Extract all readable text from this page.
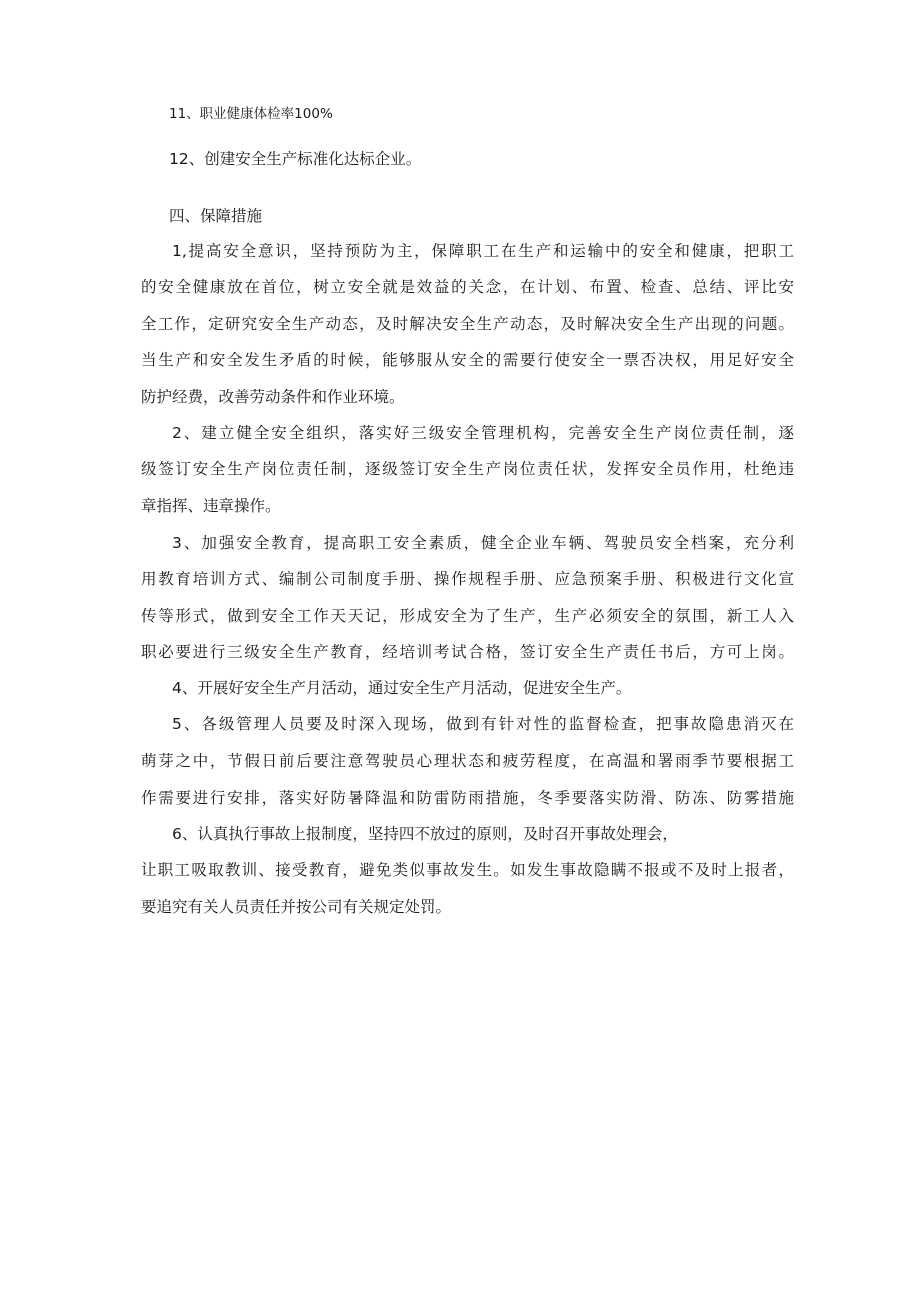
11、职业健康体检率100%
12、创建安全生产标准化达标企业。
四、保障措施
1,提高安全意识，坚持预防为主，保障职工在生产和运输中的安全和健康，把职工
的安全健康放在首位，树立安全就是效益的关念，在计划、布置、检查、总结、评比安
全工作，定研究安全生产动态，及时解决安全生产动态，及时解决安全生产出现的问题。
当生产和安全发生矛盾的时候，能够服从安全的需要行使安全一票否决权，用足好安全
防护经费，改善劳动条件和作业环境。
2、建立健全安全组织，落实好三级安全管理机构，完善安全生产岗位责任制，逐
级签订安全生产岗位责任制，逐级签订安全生产岗位责任状，发挥安全员作用，杜绝违
章指挥、违章操作。
3、加强安全教育，提高职工安全素质，健全企业车辆、驾驶员安全档案，充分利
用教育培训方式、编制公司制度手册、操作规程手册、应急预案手册、积极进行文化宣
传等形式，做到安全工作天天记，形成安全为了生产，生产必须安全的氛围，新工人入
职必要进行三级安全生产教育，经培训考试合格，签订安全生产责任书后，方可上岗。
4、开展好安全生产月活动，通过安全生产月活动，促进安全生产。
5、各级管理人员要及时深入现场，做到有针对性的监督检查，把事故隐患消灭在
萌芽之中，节假日前后要注意驾驶员心理状态和疲劳程度，在高温和署雨季节要根据工
作需要进行安排，落实好防暑降温和防雷防雨措施，冬季要落实防滑、防冻、防雾措施
6、认真执行事故上报制度，坚持四不放过的原则，及时召开事故处理会，
让职工吸取教训、接受教育，避免类似事故发生。如发生事故隐瞒不报或不及时上报者，
要追究有关人员责任并按公司有关规定处罚。
